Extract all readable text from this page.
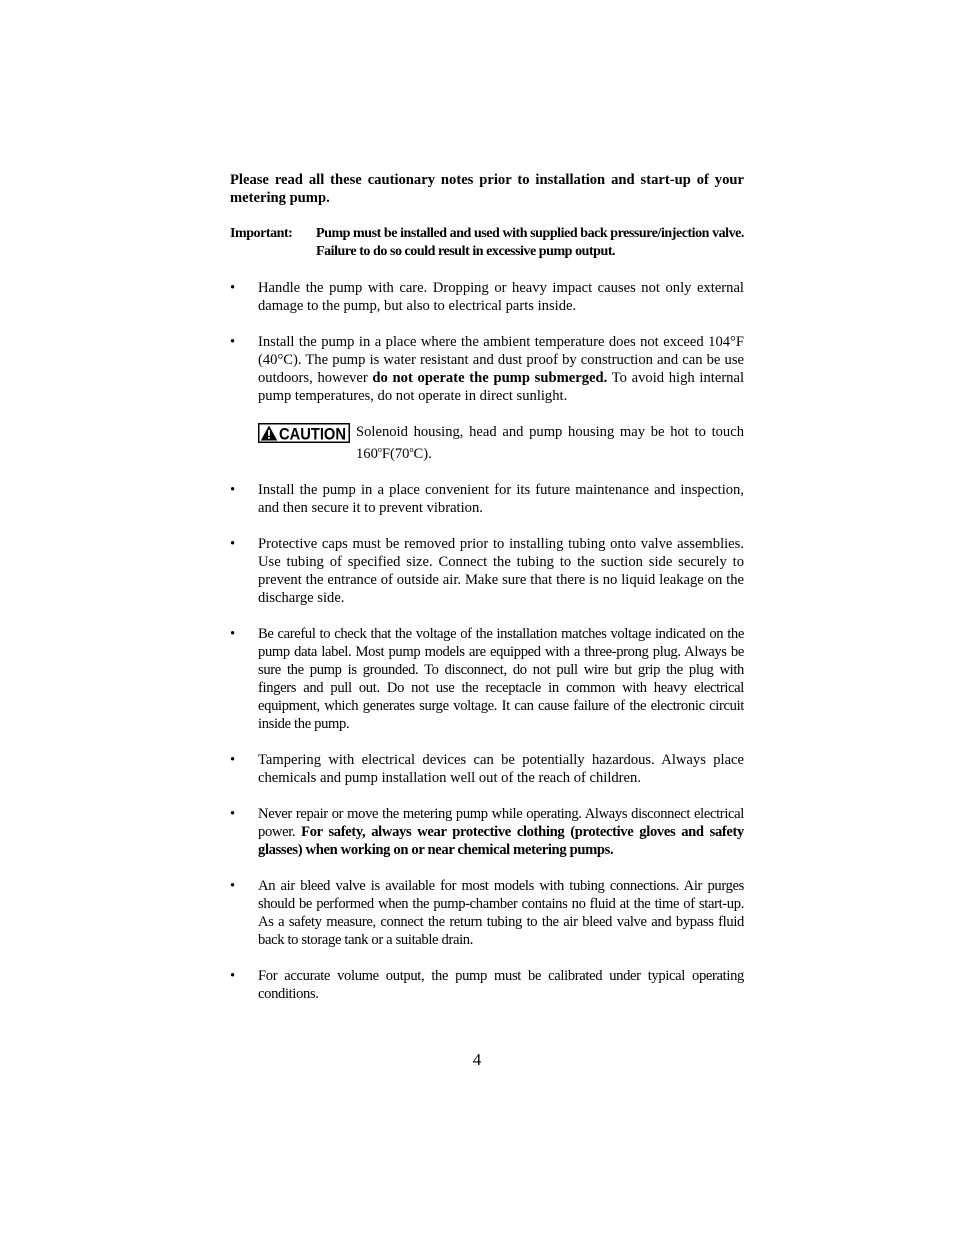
Please read all these cautionary notes prior to installation and start-up of your metering pump.

Important:	Pump must be installed and used with supplied back pressure/injection valve. Failure to do so could result in excessive pump output.
•	Handle the pump with care. Dropping or heavy impact causes not only external damage to the pump, but also to electrical parts inside.
•	Install the pump in a place where the ambient temperature does not exceed 104°F (40°C). The pump is water resistant and dust proof by construction and can be use outdoors, however do not operate the pump submerged. To avoid high internal pump temperatures, do not operate in direct sunlight.
CAUTION Solenoid housing, head and pump housing may be hot to touch 160$^o$F(70$^o$C).
•	Install the pump in a place convenient for its future maintenance and inspection, and then secure it to prevent vibration.
•	Protective caps must be removed prior to installing tubing onto valve assemblies. Use tubing of specified size. Connect the tubing to the suction side securely to prevent the entrance of outside air. Make sure that there is no liquid leakage on the discharge side.
•	Be careful to check that the voltage of the installation matches voltage indicated on the pump data label. Most pump models are equipped with a three-prong plug. Always be sure the pump is grounded. To disconnect, do not pull wire but grip the plug with fingers and pull out. Do not use the receptacle in common with heavy electrical equipment, which generates surge voltage. It can cause failure of the electronic circuit inside the pump.
•	Tampering with electrical devices can be potentially hazardous. Always place chemicals and pump installation well out of the reach of children.
•	Never repair or move the metering pump while operating. Always disconnect electrical power. For safety, always wear protective clothing (protective gloves and safety glasses) when working on or near chemical metering pumps.
•	An air bleed valve is available for most models with tubing connections. Air purges should be performed when the pump-chamber contains no fluid at the time of start-up. As a safety measure, connect the return tubing to the air bleed valve and bypass fluid back to storage tank or a suitable drain.
•	For accurate volume output, the pump must be calibrated under typical operating conditions.
4
